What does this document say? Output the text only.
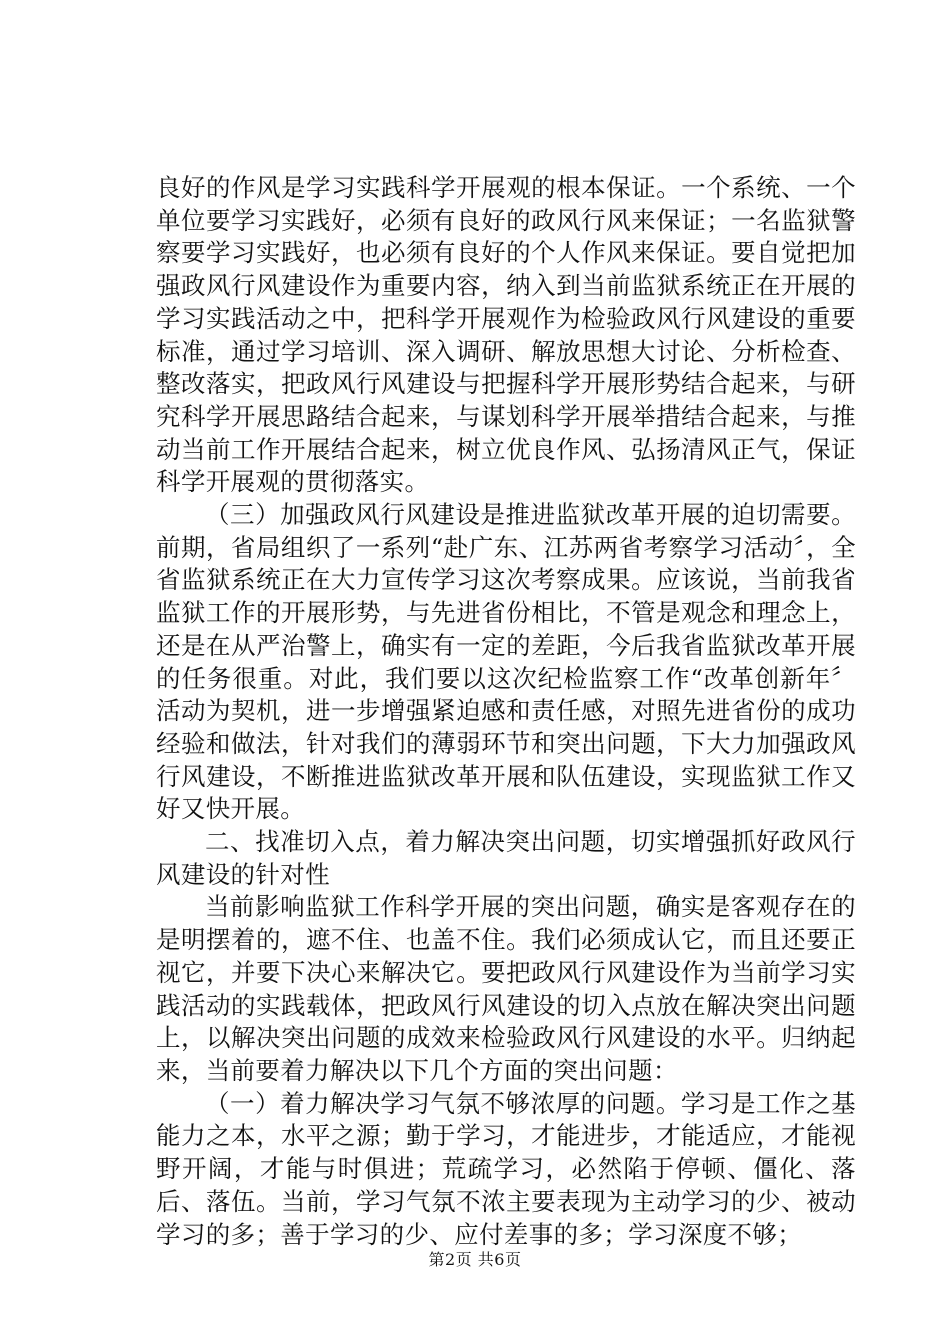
良好的作风是学习实践科学开展观的根本保证。一个系统、一个单位要学习实践好，必须有良好的政风行风来保证；一名监狱警察要学习实践好，也必须有良好的个人作风来保证。要自觉把加强政风行风建设作为重要内容，纳入到当前监狱系统正在开展的学习实践活动之中，把科学开展观作为检验政风行风建设的重要标准，通过学习培训、深入调研、解放思想大讨论、分析检查、整改落实，把政风行风建设与把握科学开展形势结合起来，与研究科学开展思路结合起来，与谋划科学开展举措结合起来，与推动当前工作开展结合起来，树立优良作风、弘扬清风正气，保证科学开展观的贯彻落实。

（三）加强政风行风建设是推进监狱改革开展的迫切需要。前期，省局组织了一系列“赴广东、江苏两省考察学习活动〞，全省监狱系统正在大力宣传学习这次考察成果。应该说，当前我省监狱工作的开展形势，与先进省份相比，不管是观念和理念上，还是在从严治警上，确实有一定的差距，今后我省监狱改革开展的任务很重。对此，我们要以这次纪检监察工作“改革创新年〞活动为契机，进一步增强紧迫感和责任感，对照先进省份的成功经验和做法，针对我们的薄弱环节和突出问题，下大力加强政风行风建设，不断推进监狱改革开展和队伍建设，实现监狱工作又好又快开展。

二、找准切入点，着力解决突出问题，切实增强抓好政风行风建设的针对性

当前影响监狱工作科学开展的突出问题，确实是客观存在的是明摆着的，遮不住、也盖不住。我们必须成认它，而且还要正视它，并要下决心来解决它。要把政风行风建设作为当前学习实践活动的实践载体，把政风行风建设的切入点放在解决突出问题上，以解决突出问题的成效来检验政风行风建设的水平。归纳起来，当前要着力解决以下几个方面的突出问题：

（一）着力解决学习气氛不够浓厚的问题。学习是工作之基能力之本，水平之源；勤于学习，才能进步，才能适应，才能视野开阔，才能与时俱进；荒疏学习，必然陷于停顿、僵化、落后、落伍。当前，学习气氛不浓主要表现为主动学习的少、被动学习的多；善于学习的少、应付差事的多；学习深度不够；

第2页 共6页
